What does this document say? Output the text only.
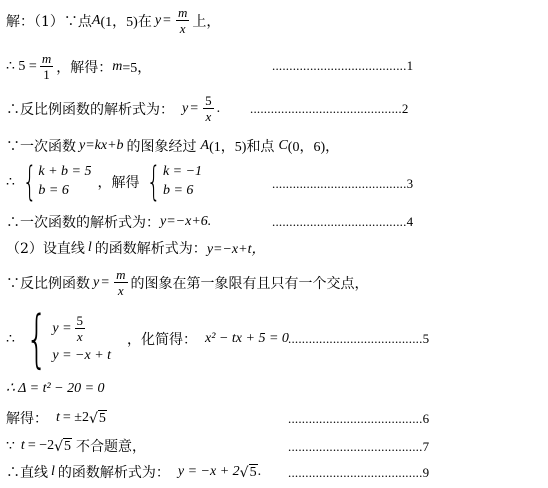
解：（1）∵点 A (1，5) 在 $y = \frac{m}{x}$ 上，
∴ $5 = \frac{m}{1}$ ，解得： m =5，	.......................................1
∴反比例函数的解析式为： $y = \frac{5}{x}$ . ............................................2
∵一次函数 y=kx+b 的图象经过 A (1，5) 和点 C (0，6)，
∴ { k + b = 5
b = 6	，解得 { k = −1
b = 6	.......................................3
∴一次函数的解析式为： y=−x+6.	.......................................4
（2）设直线 l 的函数解析式为： y=−x+t，
∵反比例函数 $y = \frac{m}{x}$ 的图象在第一象限有且只有一个交点，
∴ { $y = \frac{5}{x}$
y = −x + t
，化简得： x² − tx + 5 = 0 .......................................5
∴ Δ = t² − 20 = 0
解得： t = ±2 √ 5	.......................................6
∵ t = −2 √ 5 不合题意，	.......................................7
∴直线 l 的函数解析式为： y = −x + 2 √ 5 . .......................................9
